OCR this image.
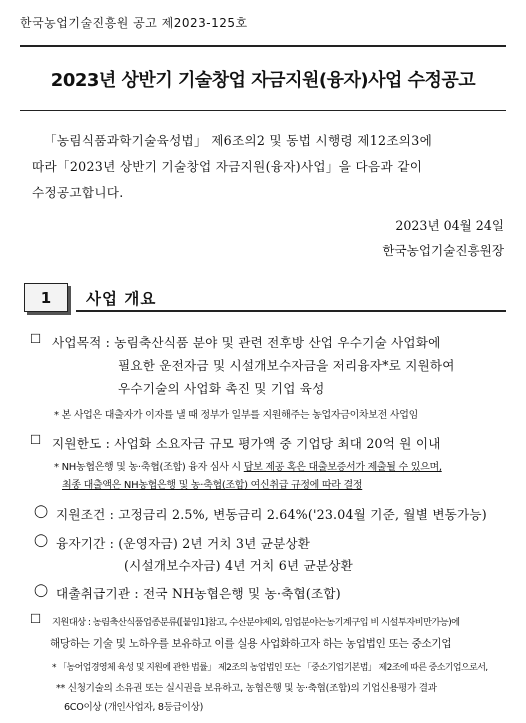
한국농업기술진흥원 공고 제2023-125호
2023년 상반기 기술창업 자금지원(융자)사업 수정공고
「농림식품과학기술육성법」 제6조의2 및 동법 시행령 제12조의3에
따라「2023년 상반기 기술창업 자금지원(융자)사업」을 다음과 같이
수정공고합니다.
2023년 04월 24일
한국농업기술진흥원장
1 사업 개요
☐ 사업목적 : 농림축산식품 분야 및 관련 전후방 산업 우수기술 사업화에
필요한 운전자금 및 시설개보수자금을 저리융자*로 지원하여
우수기술의 사업화 촉진 및 기업 육성
* 본 사업은 대출자가 이자를 낼 때 정부가 일부를 지원해주는 농업자금이차보전 사업임
☐ 지원한도 : 사업화 소요자금 규모 평가액 중 기업당 최대 20억 원 이내
* NH농협은행 및 농·축협(조합) 융자 심사 시 담보 제공 혹은 대출보증서가 제출될 수 있으며,
최종 대출액은 NH농협은행 및 농·축협(조합) 여신취급 규정에 따라 결정
◯ 지원조건 : 고정금리 2.5%, 변동금리 2.64%('23.04월 기준, 월별 변동가능)
◯ 융자기간 : (운영자금) 2년 거치 3년 균분상환
(시설개보수자금) 4년 거치 6년 균분상환
◯ 대출취급기관 : 전국 NH농협은행 및 농·축협(조합)
☐ 지원대상 : 농림축산식품업종분류([붙임1]참고, 수산분야제외, 임업분야는농기계구입 비 시설투자비만가능)에
해당하는 기술 및 노하우를 보유하고 이를 실용 사업화하고자 하는 농업법인 또는 중소기업
* 「농어업경영체 육성 및 지원에 관한 법률」 제2조의 농업법인 또는 「중소기업기본법」 제2조에 따른 중소기업으로서,
** 신청기술의 소유권 또는 실시권을 보유하고, 농협은행 및 농·축협(조합)의 기업신용평가 결과
6CO이상 (개인사업자, 8등급이상)
